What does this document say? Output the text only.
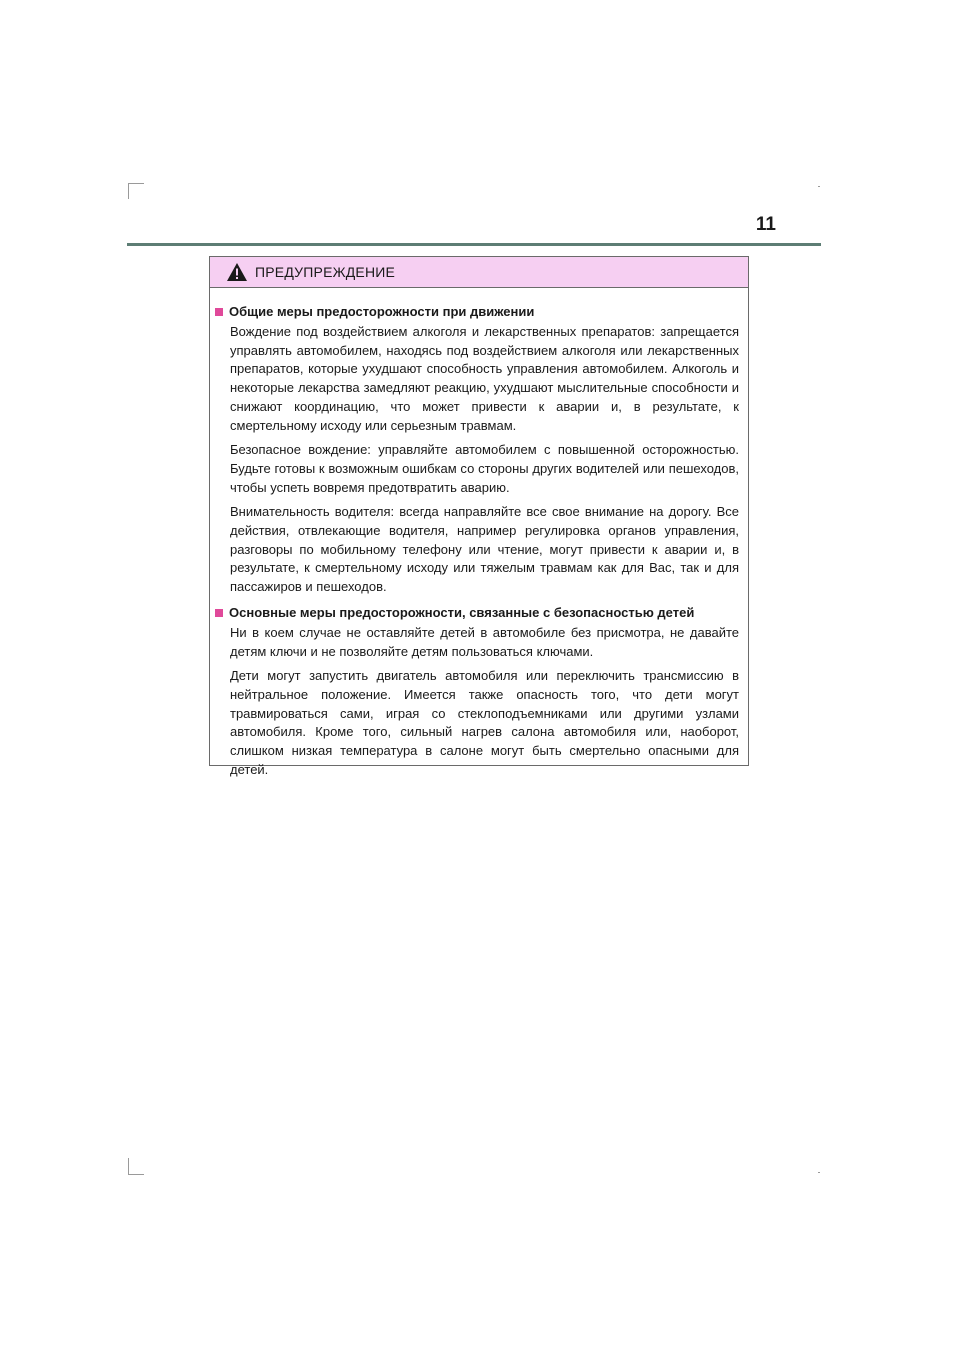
11
ПРЕДУПРЕЖДЕНИЕ
Общие меры предосторожности при движении

Вождение под воздействием алкоголя и лекарственных препаратов: запрещается управлять автомобилем, находясь под воздействием алкоголя или лекарственных препаратов, которые ухудшают способность управления автомобилем. Алкоголь и некоторые лекарства замедляют реакцию, ухудшают мыслительные способности и снижают координацию, что может привести к аварии и, в результате, к смертельному исходу или серьезным травмам.

Безопасное вождение: управляйте автомобилем с повышенной осторожностью. Будьте готовы к возможным ошибкам со стороны других водителей или пешеходов, чтобы успеть вовремя предотвратить аварию.

Внимательность водителя: всегда направляйте все свое внимание на дорогу. Все действия, отвлекающие водителя, например регулировка органов управления, разговоры по мобильному телефону или чтение, могут привести к аварии и, в результате, к смертельному исходу или тяжелым травмам как для Вас, так и для пассажиров и пешеходов.

Основные меры предосторожности, связанные с безопасностью детей

Ни в коем случае не оставляйте детей в автомобиле без присмотра, не давайте детям ключи и не позволяйте детям пользоваться ключами.

Дети могут запустить двигатель автомобиля или переключить трансмиссию в нейтральное положение. Имеется также опасность того, что дети могут травмироваться сами, играя со стеклоподъемниками или другими узлами автомобиля. Кроме того, сильный нагрев салона автомобиля или, наоборот, слишком низкая температура в салоне могут быть смертельно опасными для детей.
